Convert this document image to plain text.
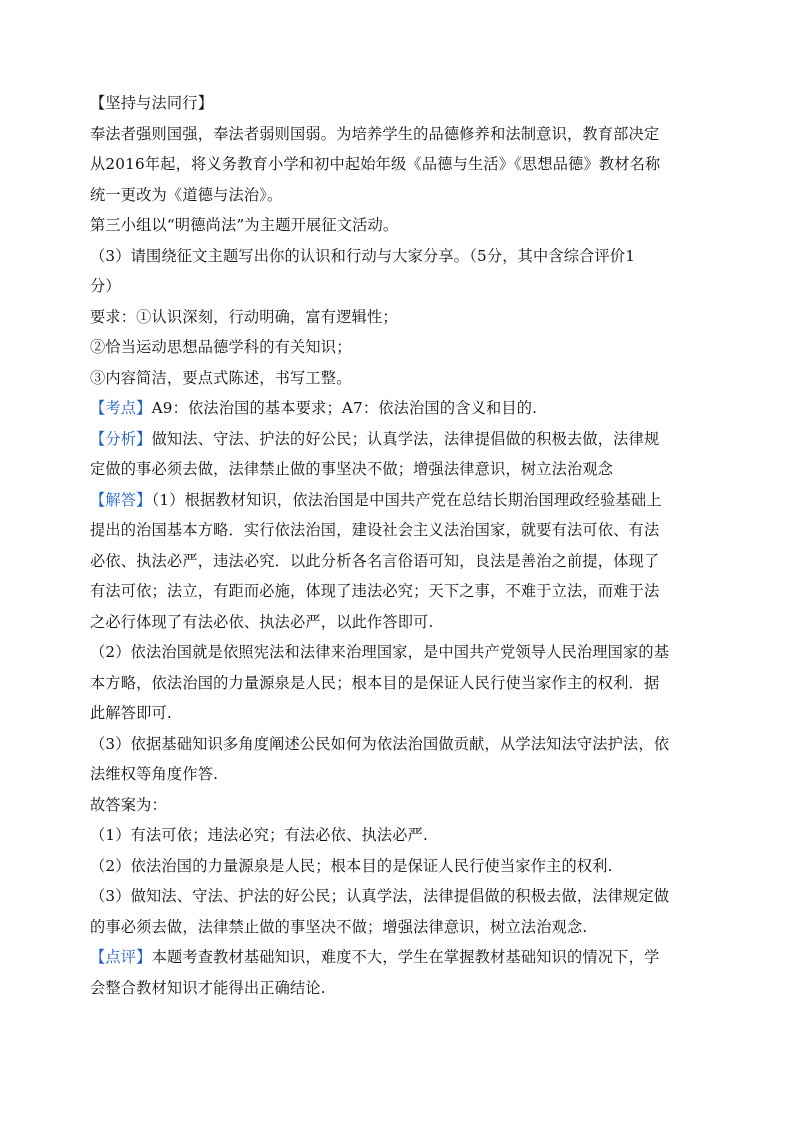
【坚持与法同行】
奉法者强则国强，奉法者弱则国弱。为培养学生的品德修养和法制意识，教育部决定
从2016年起，将义务教育小学和初中起始年级《品德与生活》《思想品德》教材名称
统一更改为《道德与法治》。
第三小组以“明德尚法”为主题开展征文活动。
（3）请围绕征文主题写出你的认识和行动与大家分享。（5分，其中含综合评价1
分）
要求：①认识深刻，行动明确，富有逻辑性；
②恰当运动思想品德学科的有关知识；
③内容简洁，要点式陈述，书写工整。
【考点】A9：依法治国的基本要求；A7：依法治国的含义和目的.
【分析】做知法、守法、护法的好公民；认真学法，法律提倡做的积极去做，法律规
定做的事必须去做，法律禁止做的事坚决不做；增强法律意识，树立法治观念
【解答】（1）根据教材知识，依法治国是中国共产党在总结长期治国理政经验基础上
提出的治国基本方略．实行依法治国，建设社会主义法治国家，就要有法可依、有法
必依、执法必严，违法必究．以此分析各名言俗语可知，良法是善治之前提，体现了
有法可依；法立，有距而必施，体现了违法必究；天下之事，不难于立法，而难于法
之必行体现了有法必依、执法必严，以此作答即可.
（2）依法治国就是依照宪法和法律来治理国家，是中国共产党领导人民治理国家的基
本方略，依法治国的力量源泉是人民；根本目的是保证人民行使当家作主的权利．据
此解答即可.
（3）依据基础知识多角度阐述公民如何为依法治国做贡献，从学法知法守法护法，依
法维权等角度作答.
故答案为：
（1）有法可依；违法必究；有法必依、执法必严.
（2）依法治国的力量源泉是人民；根本目的是保证人民行使当家作主的权利.
（3）做知法、守法、护法的好公民；认真学法，法律提倡做的积极去做，法律规定做
的事必须去做，法律禁止做的事坚决不做；增强法律意识，树立法治观念.
【点评】本题考查教材基础知识，难度不大，学生在掌握教材基础知识的情况下，学
会整合教材知识才能得出正确结论.
